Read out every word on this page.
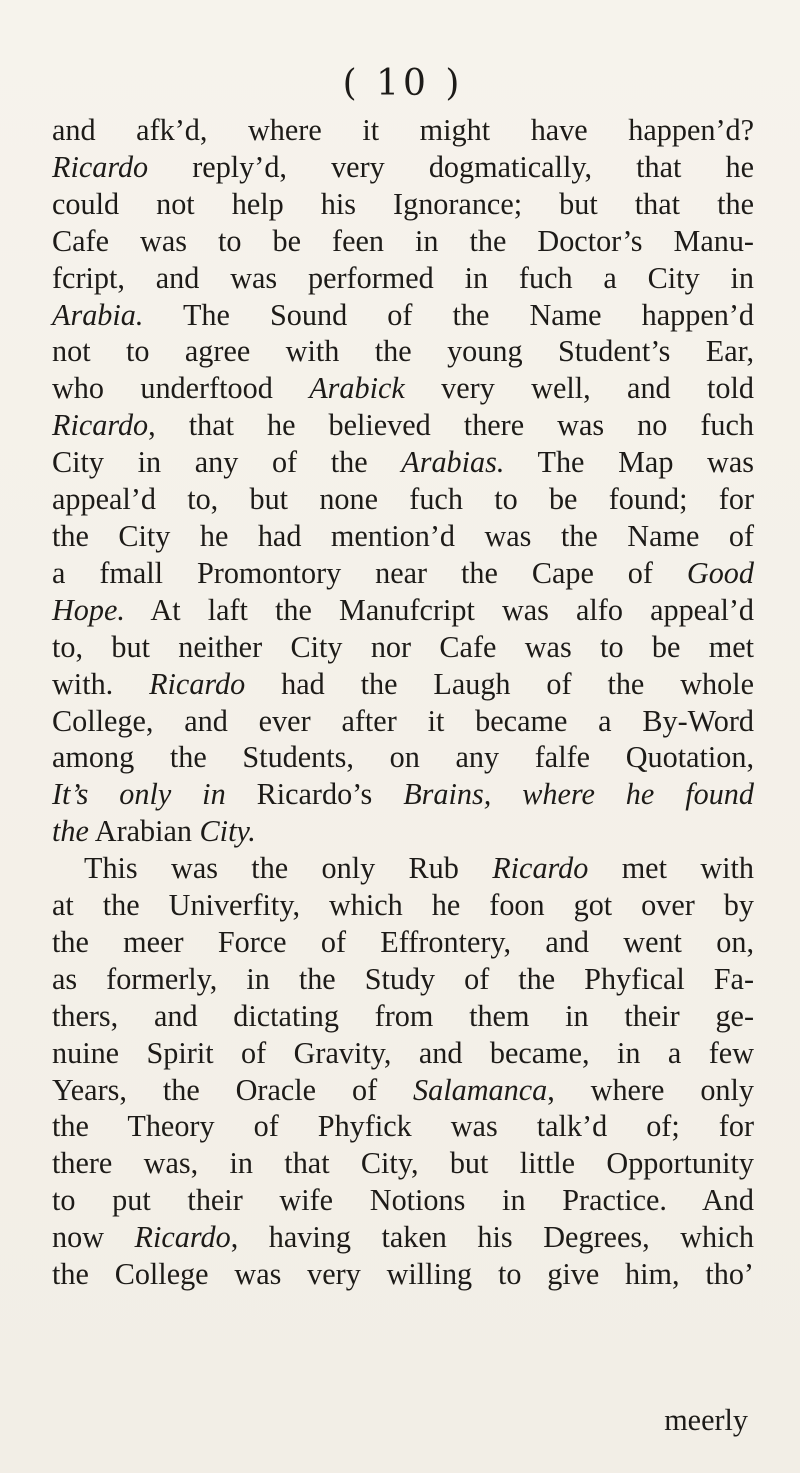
( 10 )
and afk’d, where it might have happen’d?
Ricardo reply’d, very dogmatically, that he
could not help his Ignorance; but that the
Cafe was to be feen in the Doctor’s Manu-
fcript, and was performed in fuch a City in
Arabia. The Sound of the Name happen’d
not to agree with the young Student’s Ear,
who underftood Arabick very well, and told
Ricardo, that he believed there was no fuch
City in any of the Arabias. The Map was
appeal’d to, but none fuch to be found; for
the City he had mention’d was the Name of
a fmall Promontory near the Cape of Good
Hope. At laft the Manufcript was alfo appeal’d
to, but neither City nor Cafe was to be met
with. Ricardo had the Laugh of the whole
College, and ever after it became a By-Word
among the Students, on any falfe Quotation,
It’s only in Ricardo’s Brains, where he found
the Arabian City.
This was the only Rub Ricardo met with
at the Univerfity, which he foon got over by
the meer Force of Effrontery, and went on,
as formerly, in the Study of the Phyfical Fa-
thers, and dictating from them in their ge-
nuine Spirit of Gravity, and became, in a few
Years, the Oracle of Salamanca, where only
the Theory of Phyfick was talk’d of; for
there was, in that City, but little Opportunity
to put their wife Notions in Practice. And
now Ricardo, having taken his Degrees, which
the College was very willing to give him, tho’
meerly
